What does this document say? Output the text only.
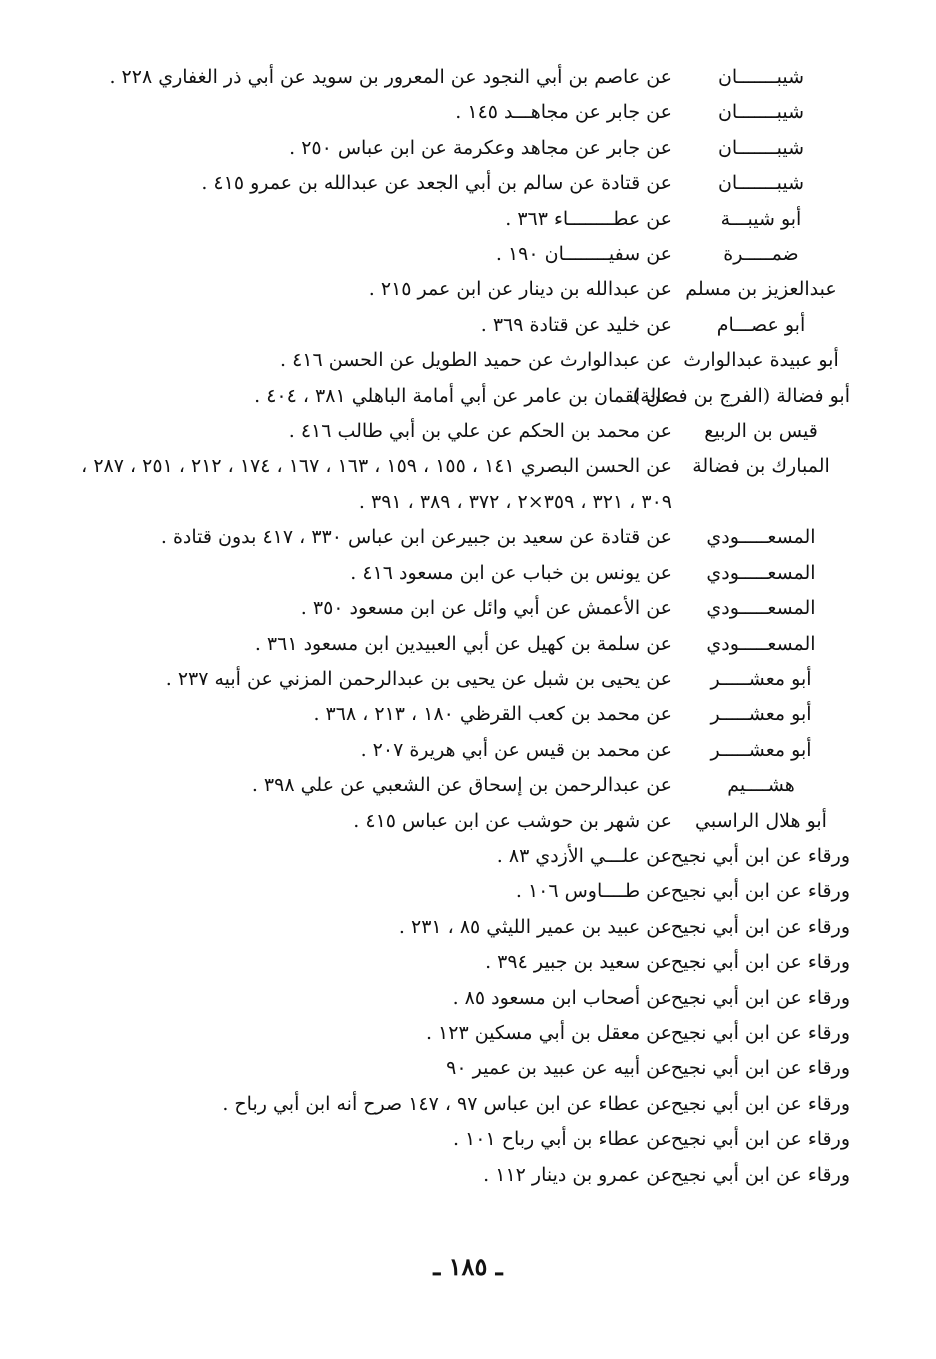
شيبـــــــان
عن عاصم بن أبي النجود عن المعرور بن سويد عن أبي ذر الغفاري ٢٢٨ .
شيبـــــــان
عن جابر عن مجاهـــد ١٤٥ .
شيبـــــــان
عن جابر عن مجاهد وعكرمة عن ابن عباس ٢٥٠ .
شيبـــــــان
عن قتادة عن سالم بن أبي الجعد عن عبدالله بن عمرو ٤١٥ .
أبو شيبـــة
عن عطــــــــاء ٣٦٣ .
ضمـــــرة
عن سفيــــــــان ١٩٠ .
عبدالعزيز بن مسلم
عن عبدالله بن دينار عن ابن عمر ٢١٥ .
أبو عصـــام
عن خليد عن قتادة ٣٦٩ .
أبو عبيدة عبدالوارث
عن عبدالوارث عن حميد الطويل عن الحسن ٤١٦ .
أبو فضالة (الفرج بن فضالة)
عن لقمان بن عامر عن أبي أمامة الباهلي ٣٨١ ، ٤٠٤ .
قيس بن الربيع
عن محمد بن الحكم عن علي بن أبي طالب ٤١٦ .
المبارك بن فضالة
عن الحسن البصري ١٤١ ، ١٥٥ ، ١٥٩ ، ١٦٣ ، ١٦٧ ، ١٧٤ ، ٢١٢ ، ٢٥١ ، ٢٨٧ ، ٣٠٩ ، ٣٢١ ، ٣٥٩×٢ ، ٣٧٢ ، ٣٨٩ ، ٣٩١ .
المسعـــــودي
عن قتادة عن سعيد بن جبيرعن ابن عباس ٣٣٠ ، ٤١٧ بدون قتادة .
المسعـــــودي
عن يونس بن خباب عن ابن مسعود ٤١٦ .
المسعـــــودي
عن الأعمش عن أبي وائل عن ابن مسعود ٣٥٠ .
المسعـــــودي
عن سلمة بن كهيل عن أبي العبيدين ابن مسعود ٣٦١ .
أبو معشـــــر
عن يحيى بن شبل عن يحيى بن عبدالرحمن المزني عن أبيه ٢٣٧ .
أبو معشـــــر
عن محمد بن كعب القرظي ١٨٠ ، ٢١٣ ، ٣٦٨ .
أبو معشـــــر
عن محمد بن قيس عن أبي هريرة ٢٠٧ .
هشــــيم
عن عبدالرحمن بن إسحاق عن الشعبي عن علي ٣٩٨ .
أبو هلال الراسبي
عن شهر بن حوشب عن ابن عباس ٤١٥ .
ورقاء عن ابن أبي نجيح
عن علـــي الأزدي ٨٣ .
ورقاء عن ابن أبي نجيح
عن طــــاوس ١٠٦ .
ورقاء عن ابن أبي نجيح
عن عبيد بن عمير الليثي ٨٥ ، ٢٣١ .
ورقاء عن ابن أبي نجيح
عن سعيد بن جبير ٣٩٤ .
ورقاء عن ابن أبي نجيح
عن أصحاب ابن مسعود ٨٥ .
ورقاء عن ابن أبي نجيح
عن معقل بن أبي مسكين ١٢٣ .
ورقاء عن ابن أبي نجيح
عن أبيه عن عبيد بن عمير ٩٠
ورقاء عن ابن أبي نجيح
عن عطاء عن ابن عباس ٩٧ ، ١٤٧ صرح أنه ابن أبي رباح .
ورقاء عن ابن أبي نجيح
عن عطاء بن أبي رباح ١٠١ .
ورقاء عن ابن أبي نجيح
عن عمرو بن دينار ١١٢ .
ـ ١٨٥ ـ
